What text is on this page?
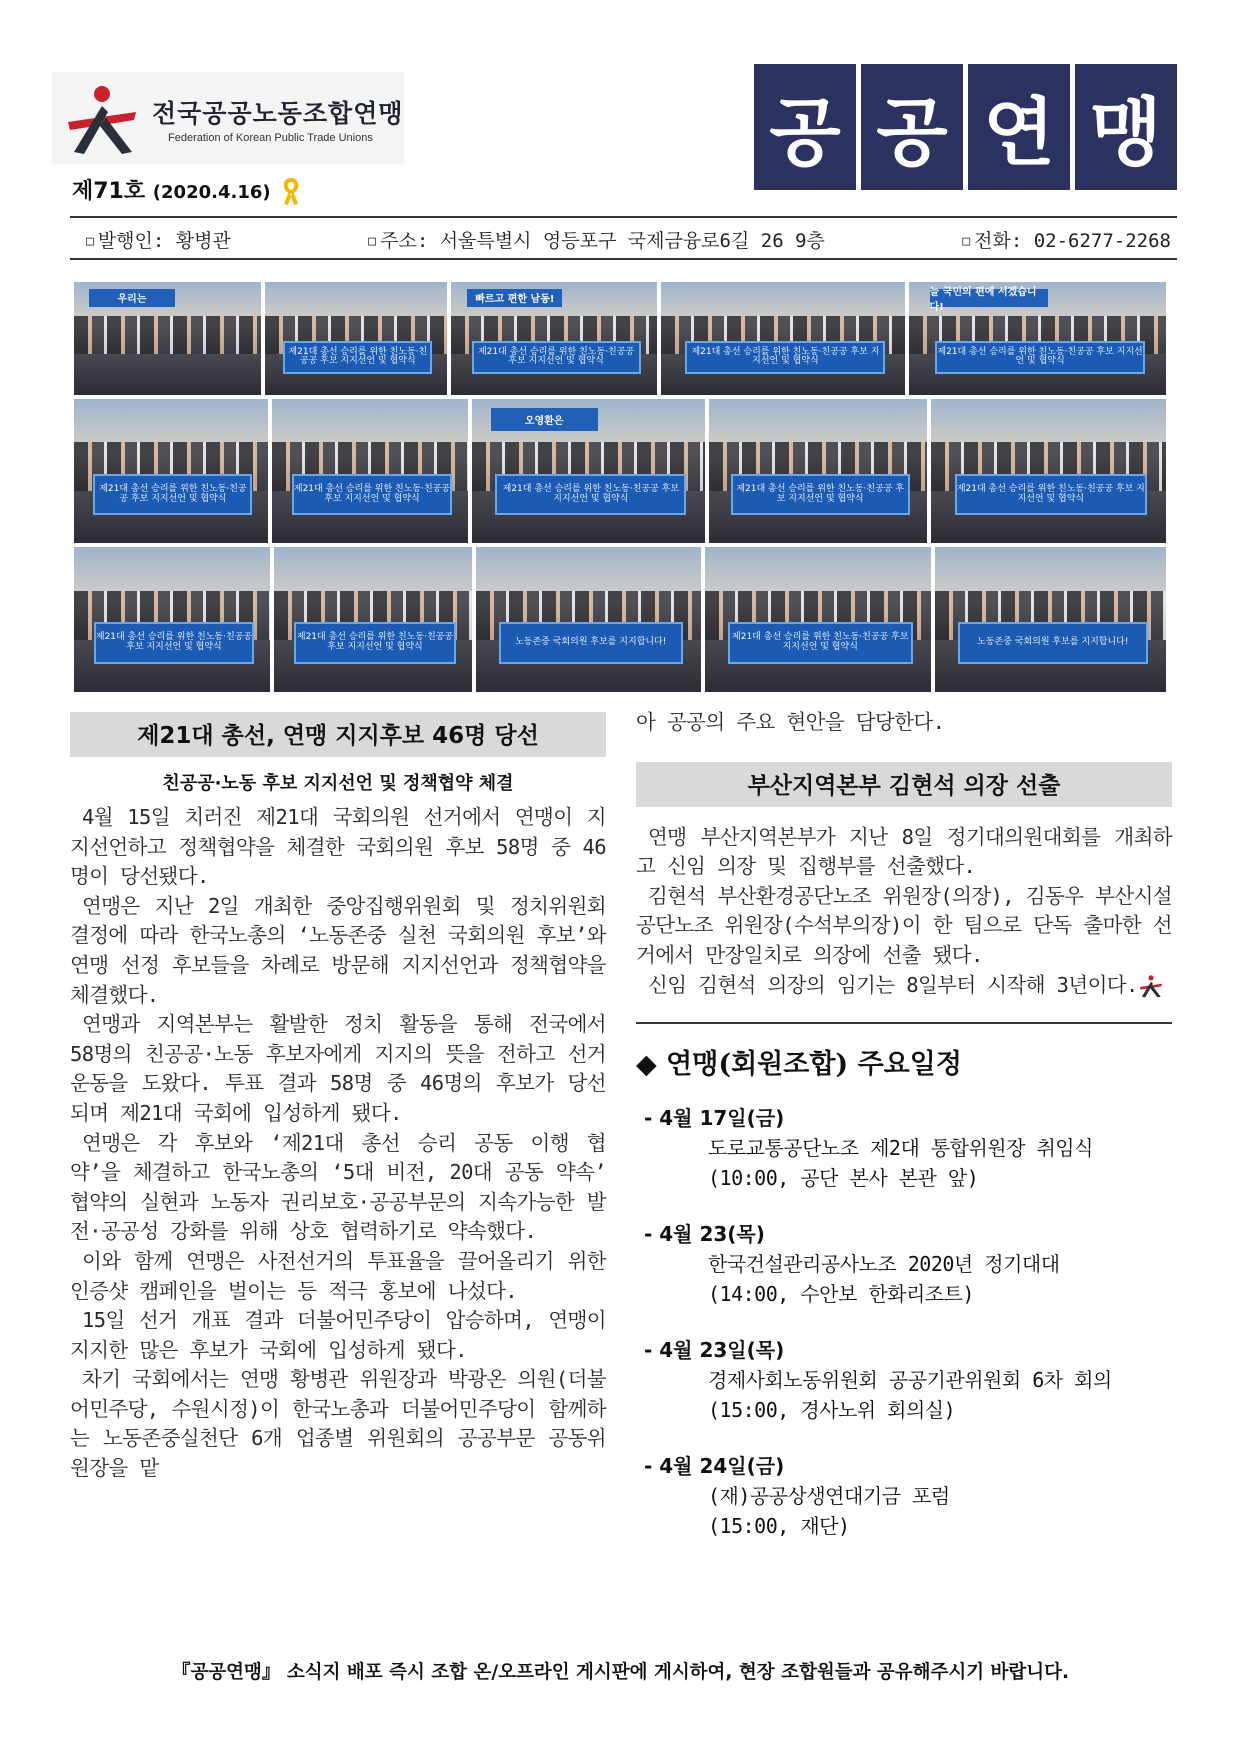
전국공공노동조합연맹
Federation of Korean Public Trade Unions
제71호 (2020.4.16)
공 공 연 맹
□ 발행인: 황병관	□ 주소: 서울특별시 영등포구 국제금융로6길 26 9층	□ 전화: 02-6277-2268
우리는
제21대 총선 승리를 위한 친노동·친공공 후보 지지선언 및 협약식
빠르고 편한 남동!
제21대 총선 승리를 위한 친노동·친공공 후보 지지선언 및 협약식
제21대 총선 승리를 위한 친노동·친공공 후보 지지선언 및 협약식
늘 국민의 편에 서겠습니다!
제21대 총선 승리를 위한 친노동·친공공 후보 지지선언 및 협약식
제21대 총선 승리를 위한 친노동·친공공 후보 지지선언 및 협약식
제21대 총선 승리를 위한 친노동·친공공 후보 지지선언 및 협약식
오영환은
제21대 총선 승리를 위한 친노동·친공공 후보 지지선언 및 협약식
제21대 총선 승리를 위한 친노동·친공공 후보 지지선언 및 협약식
제21대 총선 승리를 위한 친노동·친공공 후보 지지선언 및 협약식
제21대 총선 승리를 위한 친노동·친공공 후보 지지선언 및 협약식
제21대 총선 승리를 위한 친노동·친공공 후보 지지선언 및 협약식	노동존중 국회의원 후보를 지지합니다!	제21대 총선 승리를 위한 친노동·친공공 후보 지지선언 및 협약식	노동존중 국회의원 후보를 지지합니다!
제21대 총선, 연맹 지지후보 46명 당선
친공공·노동 후보 지지선언 및 정책협약 체결

4월 15일 치러진 제21대 국회의원 선거에서 연맹이 지지선언하고 정책협약을 체결한 국회의원 후보 58명 중 46명이 당선됐다.

연맹은 지난 2일 개최한 중앙집행위원회 및 정치위원회 결정에 따라 한국노총의 ‘노동존중 실천 국회의원 후보’와 연맹 선정 후보들을 차례로 방문해 지지선언과 정책협약을 체결했다.

연맹과 지역본부는 활발한 정치 활동을 통해 전국에서 58명의 친공공·노동 후보자에게 지지의 뜻을 전하고 선거운동을 도왔다. 투표 결과 58명 중 46명의 후보가 당선되며 제21대 국회에 입성하게 됐다.

연맹은 각 후보와 ‘제21대 총선 승리 공동 이행 협약’을 체결하고 한국노총의 ‘5대 비전, 20대 공동 약속’ 협약의 실현과 노동자 권리보호·공공부문의 지속가능한 발전·공공성 강화를 위해 상호 협력하기로 약속했다.

이와 함께 연맹은 사전선거의 투표율을 끌어올리기 위한 인증샷 캠페인을 벌이는 등 적극 홍보에 나섰다.

15일 선거 개표 결과 더불어민주당이 압승하며, 연맹이 지지한 많은 후보가 국회에 입성하게 됐다.

차기 국회에서는 연맹 황병관 위원장과 박광온 의원(더불어민주당, 수원시정)이 한국노총과 더불어민주당이 함께하는 노동존중실천단 6개 업종별 위원회의 공공부문 공동위원장을 맡

아 공공의 주요 현안을 담당한다.
부산지역본부 김현석 의장 선출

연맹 부산지역본부가 지난 8일 정기대의원대회를 개최하고 신임 의장 및 집행부를 선출했다.

김현석 부산환경공단노조 위원장(의장), 김동우 부산시설공단노조 위원장(수석부의장)이 한 팀으로 단독 출마한 선거에서 만장일치로 의장에 선출 됐다.

신임 김현석 의장의 임기는 8일부터 시작해 3년이다.

◆ 연맹(회원조합) 주요일정
- 4월 17일(금)
도로교통공단노조 제2대 통합위원장 취임식
(10:00, 공단 본사 본관 앞)
- 4월 23(목)
한국건설관리공사노조 2020년 정기대대
(14:00, 수안보 한화리조트)
- 4월 23일(목)
경제사회노동위원회 공공기관위원회 6차 회의
(15:00, 경사노위 회의실)
- 4월 24일(금)
(재)공공상생연대기금 포럼
(15:00, 재단)
『공공연맹』 소식지 배포 즉시 조합 온/오프라인 게시판에 게시하여, 현장 조합원들과 공유해주시기 바랍니다.
